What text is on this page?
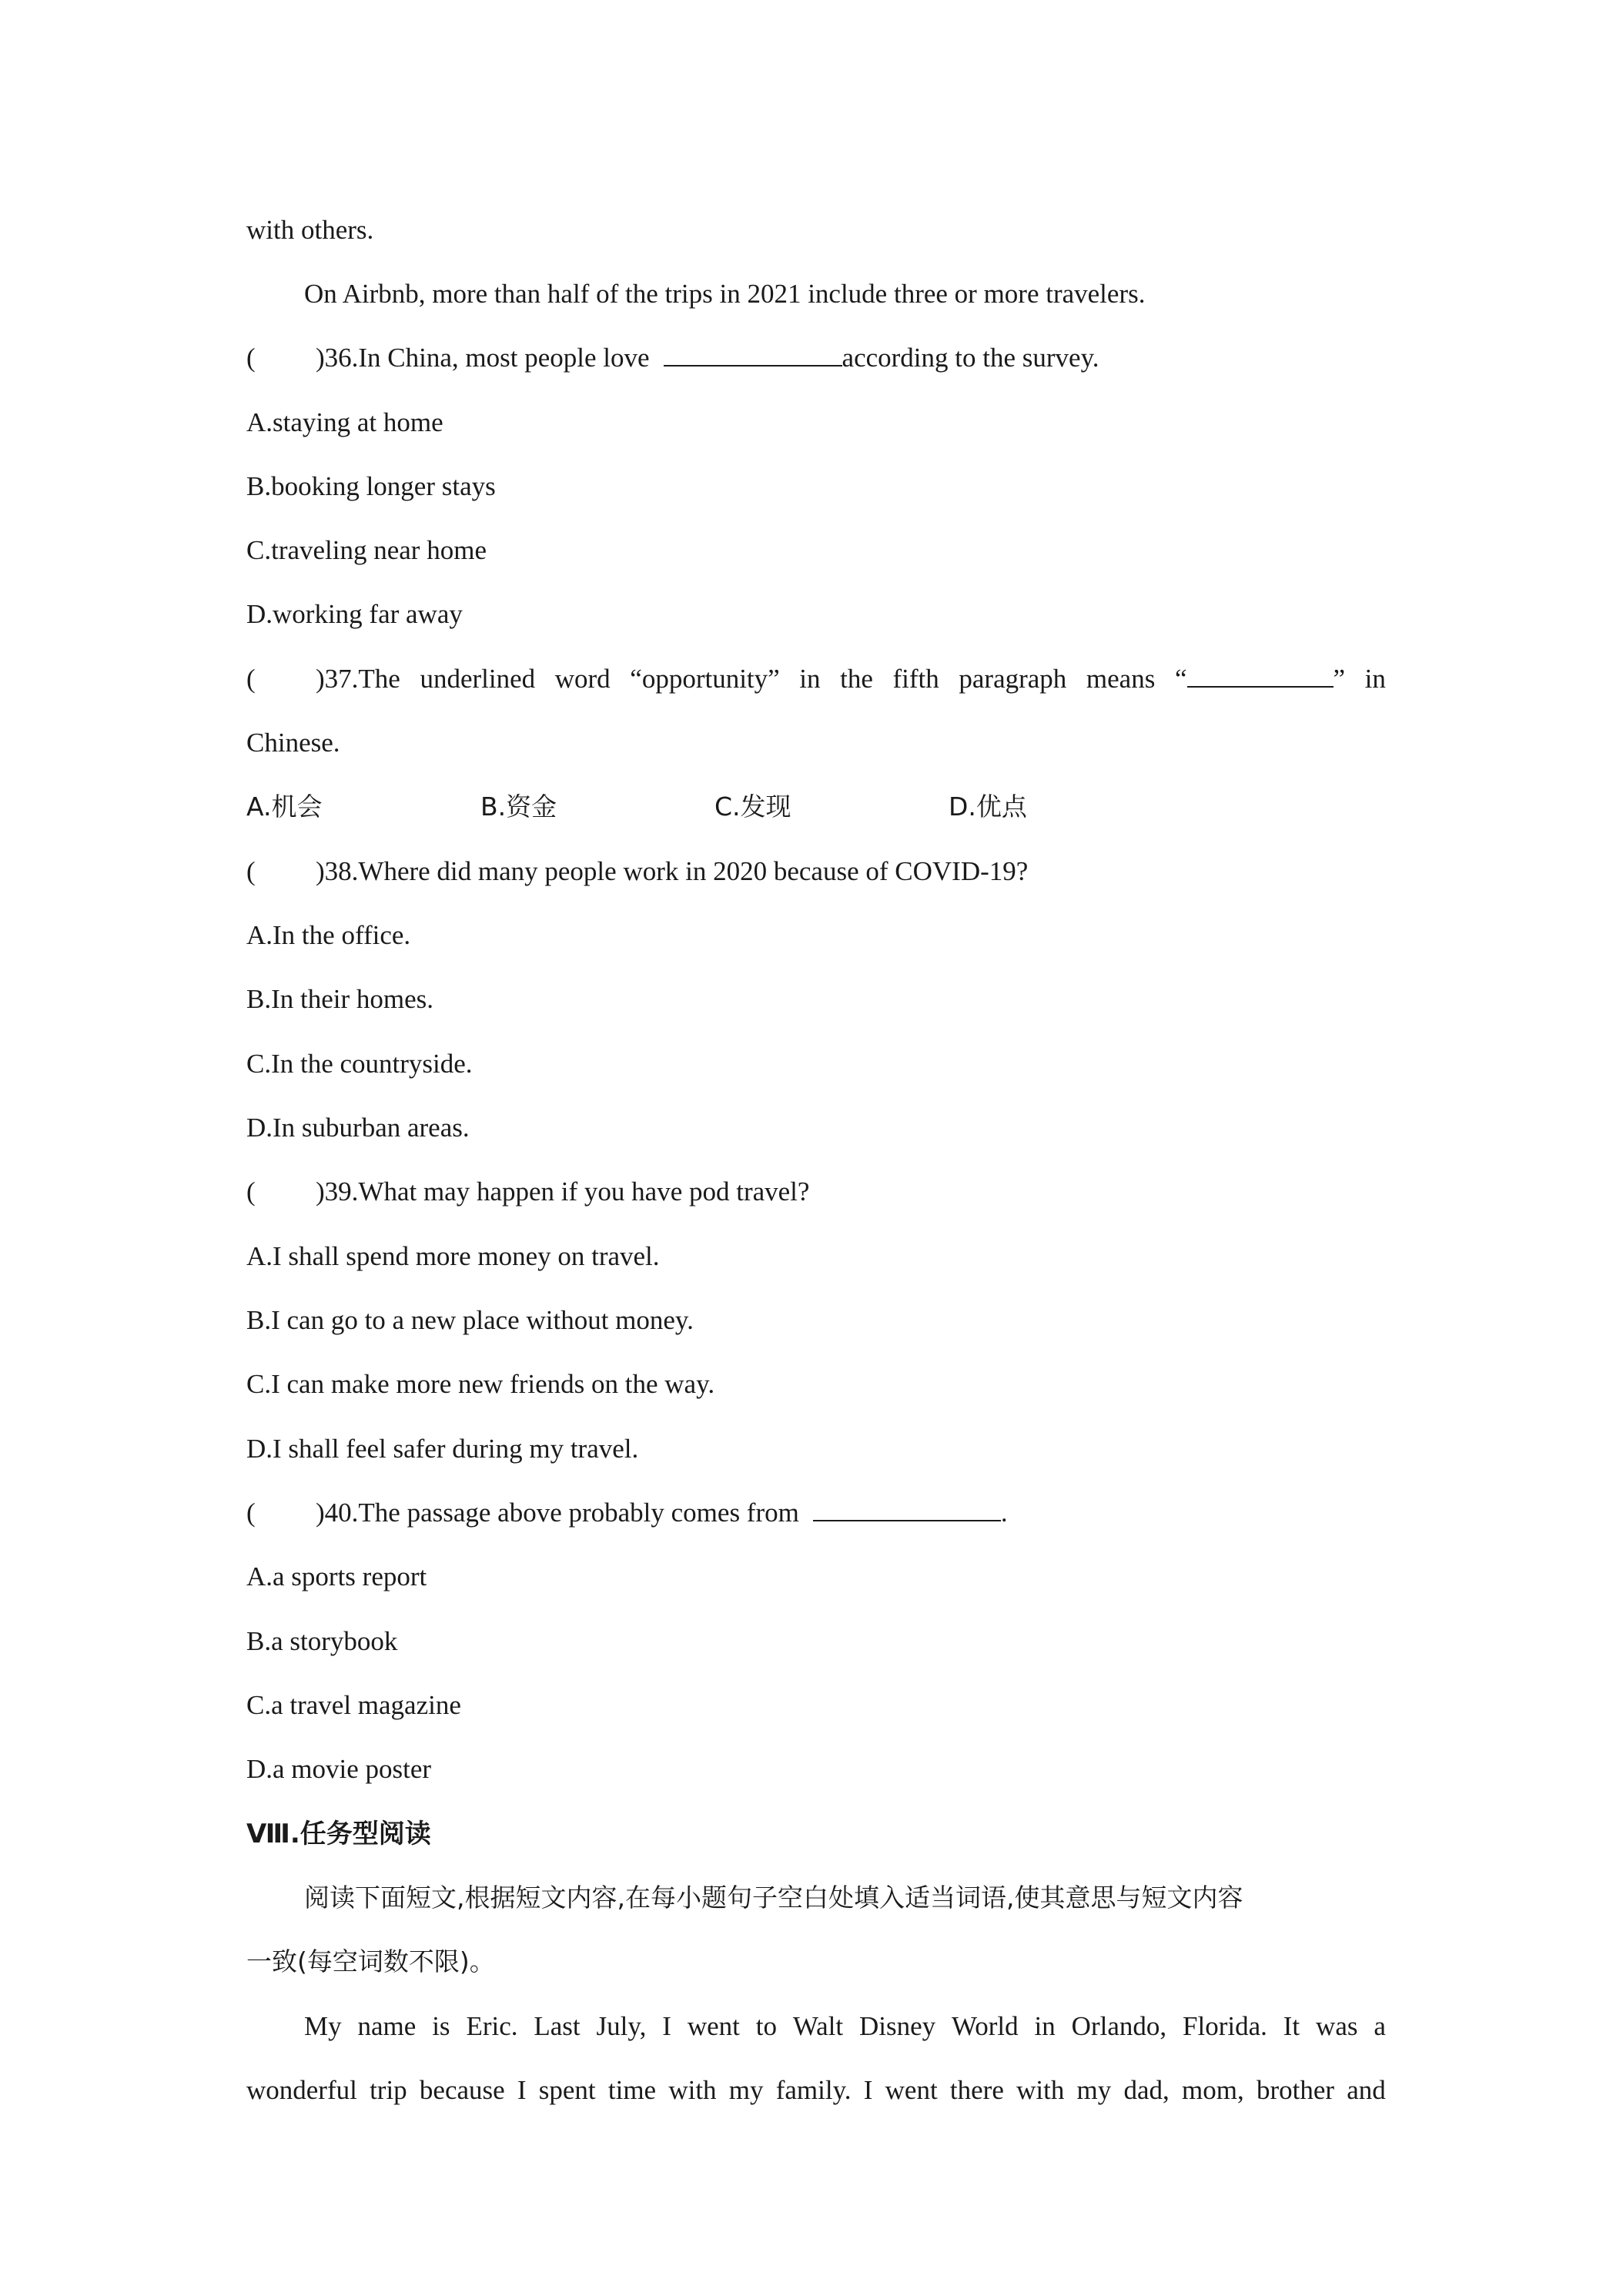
with others.
On Airbnb, more than half of the trips in 2021 include three or more travelers.
( )36.In China, most people love	according to the survey.
A.staying at home
B.booking longer stays
C.traveling near home
D.working far away
( )37.The underlined word “opportunity” in the fifth paragraph means “	” in
Chinese.
A.机会	B.资金	C.发现	D.优点
( )38.Where did many people work in 2020 because of COVID-19?
A.In the office.
B.In their homes.
C.In the countryside.
D.In suburban areas.
( )39.What may happen if you have pod travel?
A.I shall spend more money on travel.
B.I can go to a new place without money.
C.I can make more new friends on the way.
D.I shall feel safer during my travel.
( )40.The passage above probably comes from	.
A.a sports report
B.a storybook
C.a travel magazine
D.a movie poster
Ⅷ.任务型阅读
阅读下面短文,根据短文内容,在每小题句子空白处填入适当词语,使其意思与短文内容
一致(每空词数不限)。
My name is Eric. Last July, I went to Walt Disney World in Orlando, Florida. It was a
wonderful trip because I spent time with my family. I went there with my dad, mom, brother and
